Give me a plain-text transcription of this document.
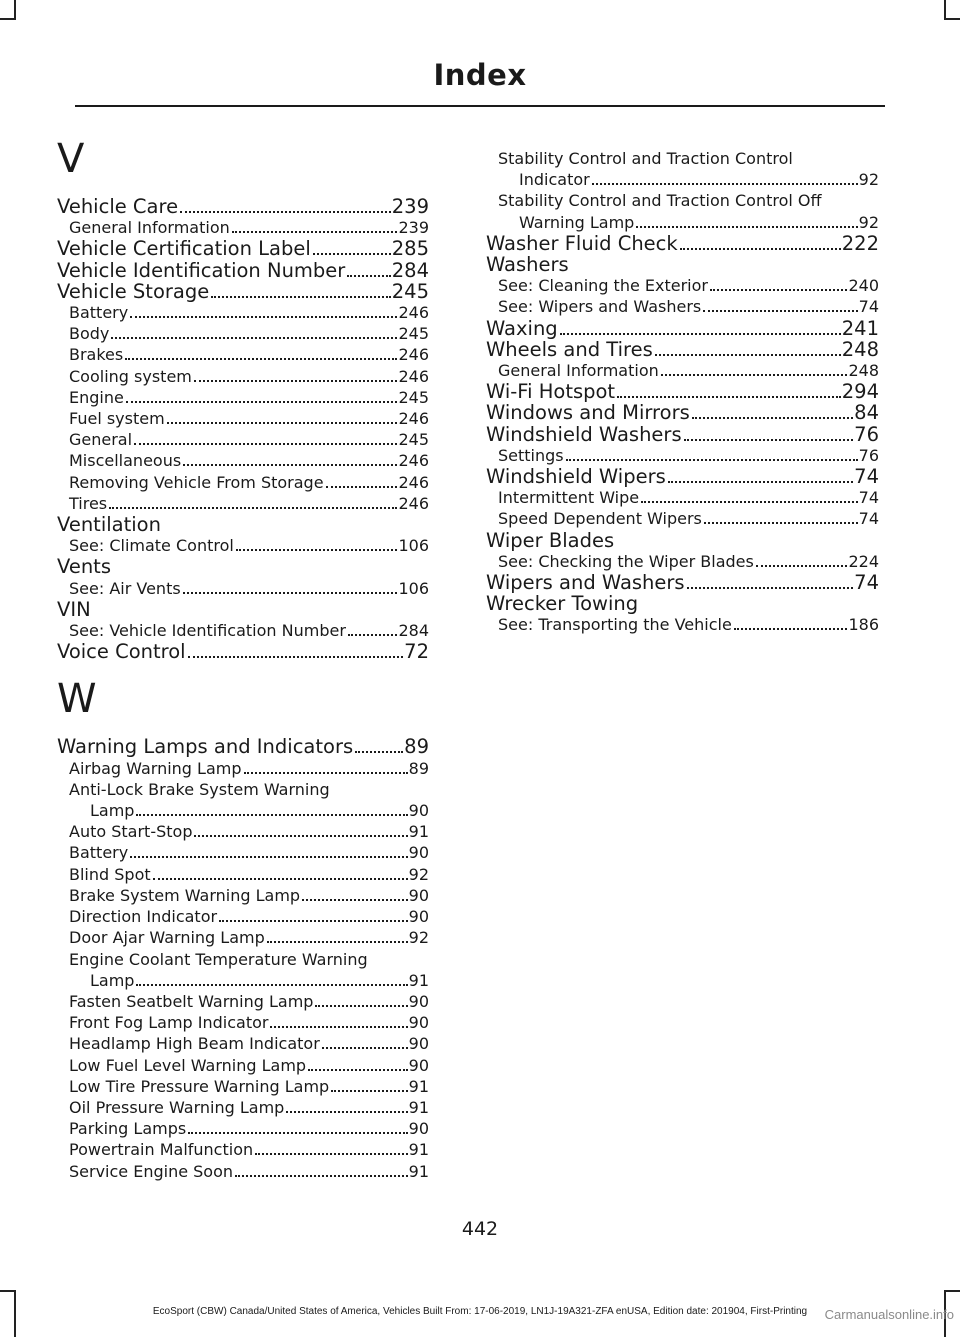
Index
V
Vehicle Care	239
General Information	239
Vehicle Certification Label	285
Vehicle Identification Number 284
Vehicle Storage	245
Battery	246
Body	245
Brakes	246
Cooling system	246
Engine	245
Fuel system	246
General	245
Miscellaneous	246
Removing Vehicle From Storage	246
Tires	246
Ventilation
See: Climate Control	106
Vents
See: Air Vents	106
VIN
See: Vehicle Identification Number	284
Voice Control	72
W
Warning Lamps and Indicators	89
Airbag Warning Lamp	89
Anti-Lock Brake System Warning
Lamp	90
Auto Start-Stop	91
Battery	90
Blind Spot	92
Brake System Warning Lamp	90
Direction Indicator	90
Door Ajar Warning Lamp	92
Engine Coolant Temperature Warning
Lamp	91
Fasten Seatbelt Warning Lamp	90
Front Fog Lamp Indicator	90
Headlamp High Beam Indicator	90
Low Fuel Level Warning Lamp	90
Low Tire Pressure Warning Lamp	91
Oil Pressure Warning Lamp	91
Parking Lamps	90
Powertrain Malfunction	91
Service Engine Soon	91
Stability Control and Traction Control
Indicator	92
Stability Control and Traction Control Off
Warning Lamp	92
Washer Fluid Check	222
Washers
See: Cleaning the Exterior	240
See: Wipers and Washers	74
Waxing	241
Wheels and Tires	248
General Information	248
Wi-Fi Hotspot	294
Windows and Mirrors	84
Windshield Washers	76
Settings	76
Windshield Wipers	74
Intermittent Wipe	74
Speed Dependent Wipers	74
Wiper Blades
See: Checking the Wiper Blades	224
Wipers and Washers	74
Wrecker Towing
See: Transporting the Vehicle	186
442
EcoSport (CBW) Canada/United States of America, Vehicles Built From: 17-06-2019, LN1J-19A321-ZFA enUSA, Edition date: 201904, First-Printing	Carmanualsonline.info
